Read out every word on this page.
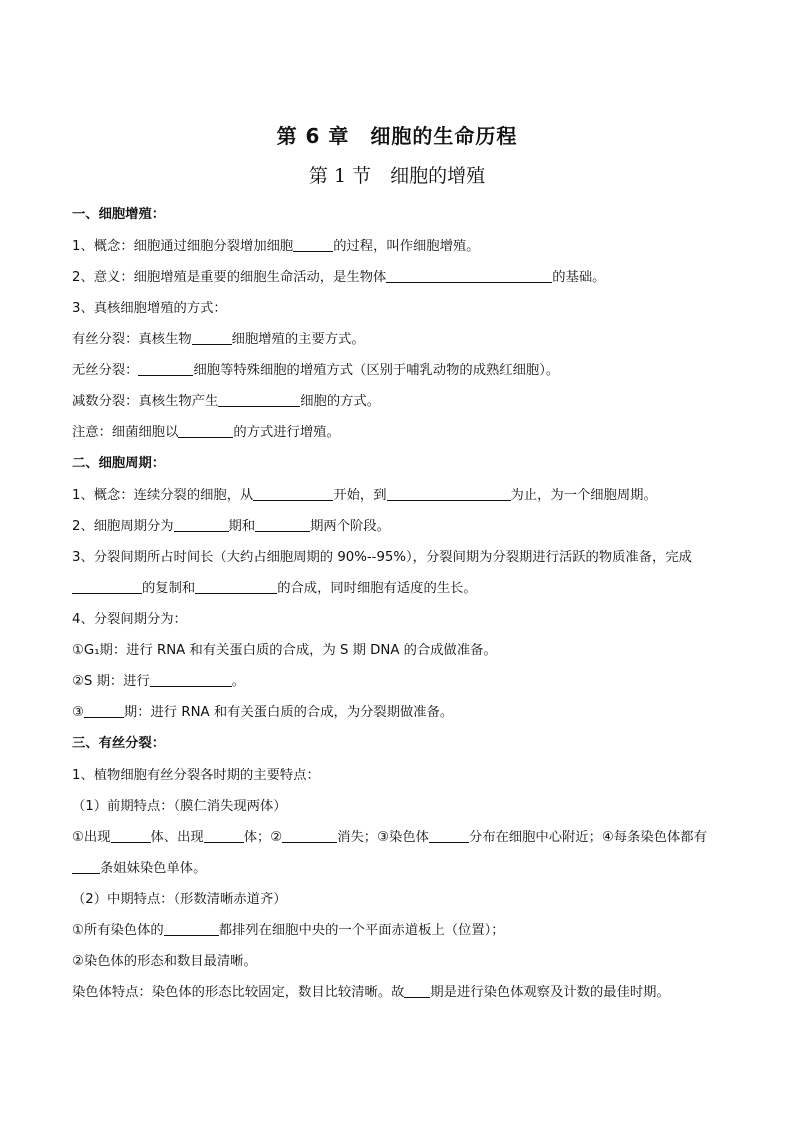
第 6 章　细胞的生命历程
第 1 节　细胞的增殖
一、细胞增殖：
1、概念：细胞通过细胞分裂增加细胞	的过程，叫作细胞增殖。
2、意义：细胞增殖是重要的细胞生命活动，是生物体	的基础。
3、真核细胞增殖的方式：
有丝分裂：真核生物	细胞增殖的主要方式。
无丝分裂：	细胞等特殊细胞的增殖方式（区别于哺乳动物的成熟红细胞）。
减数分裂：真核生物产生	细胞的方式。
注意：细菌细胞以	的方式进行增殖。
二、细胞周期：
1、概念：连续分裂的细胞，从	开始，到	为止，为一个细胞周期。
2、细胞周期分为	期和	期两个阶段。
3、分裂间期所占时间长（大约占细胞周期的 90%--95%），分裂间期为分裂期进行活跃的物质准备，完成
的复制和	的合成，同时细胞有适度的生长。
4、分裂间期分为：
①G₁期：进行 RNA 和有关蛋白质的合成，为 S 期 DNA 的合成做准备。
②S 期：进行	。
③	期：进行 RNA 和有关蛋白质的合成，为分裂期做准备。
三、有丝分裂：
1、植物细胞有丝分裂各时期的主要特点：
（1）前期特点：（膜仁消失现两体）
①出现	体、出现	体；②	消失；③染色体	分布在细胞中心附近；④每条染色体都有
条姐妹染色单体。
（2）中期特点：（形数清晰赤道齐）
①所有染色体的	都排列在细胞中央的一个平面赤道板上（位置）；
②染色体的形态和数目最清晰。
染色体特点：染色体的形态比较固定，数目比较清晰。故 期是进行染色体观察及计数的最佳时期。
